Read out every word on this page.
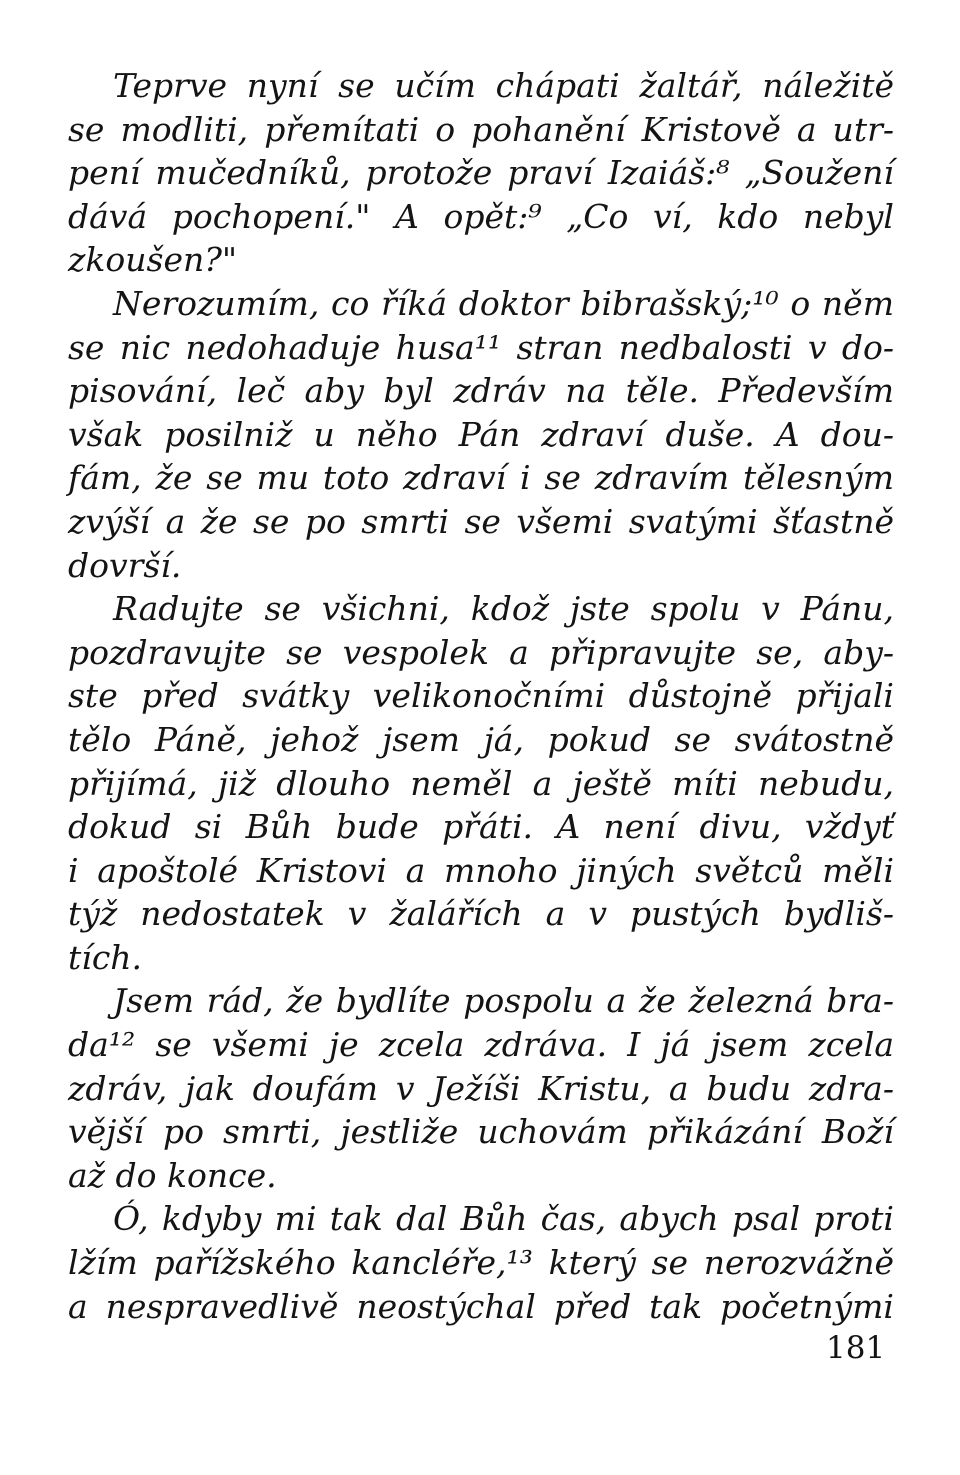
Teprve nyní se učím chápati žaltář, náležitě
se modliti, přemítati o pohanění Kristově a utr-
pení mučedníků, protože praví Izaiáš:⁸ „Soužení
dává pochopení." A opět:⁹ „Co ví, kdo nebyl
zkoušen?"
Nerozumím, co říká doktor bibrašský;¹⁰ o něm
se nic nedohaduje husa¹¹ stran nedbalosti v do-
pisování, leč aby byl zdráv na těle. Především
však posilniž u něho Pán zdraví duše. A dou-
fám, že se mu toto zdraví i se zdravím tělesným
zvýší a že se po smrti se všemi svatými šťastně
dovrší.
Radujte se všichni, kdož jste spolu v Pánu,
pozdravujte se vespolek a připravujte se, aby-
ste před svátky velikonočními důstojně přijali
tělo Páně, jehož jsem já, pokud se svátostně
přijímá, již dlouho neměl a ještě míti nebudu,
dokud si Bůh bude přáti. A není divu, vždyť
i apoštolé Kristovi a mnoho jiných světců měli
týž nedostatek v žalářích a v pustých bydliš-
tích.
Jsem rád, že bydlíte pospolu a že železná bra-
da¹² se všemi je zcela zdráva. I já jsem zcela
zdráv, jak doufám v Ježíši Kristu, a budu zdra-
vější po smrti, jestliže uchovám přikázání Boží
až do konce.
Ó, kdyby mi tak dal Bůh čas, abych psal proti
lžím pařížského kancléře,¹³ který se nerozvážně
a nespravedlivě neostýchal před tak početnými
181
